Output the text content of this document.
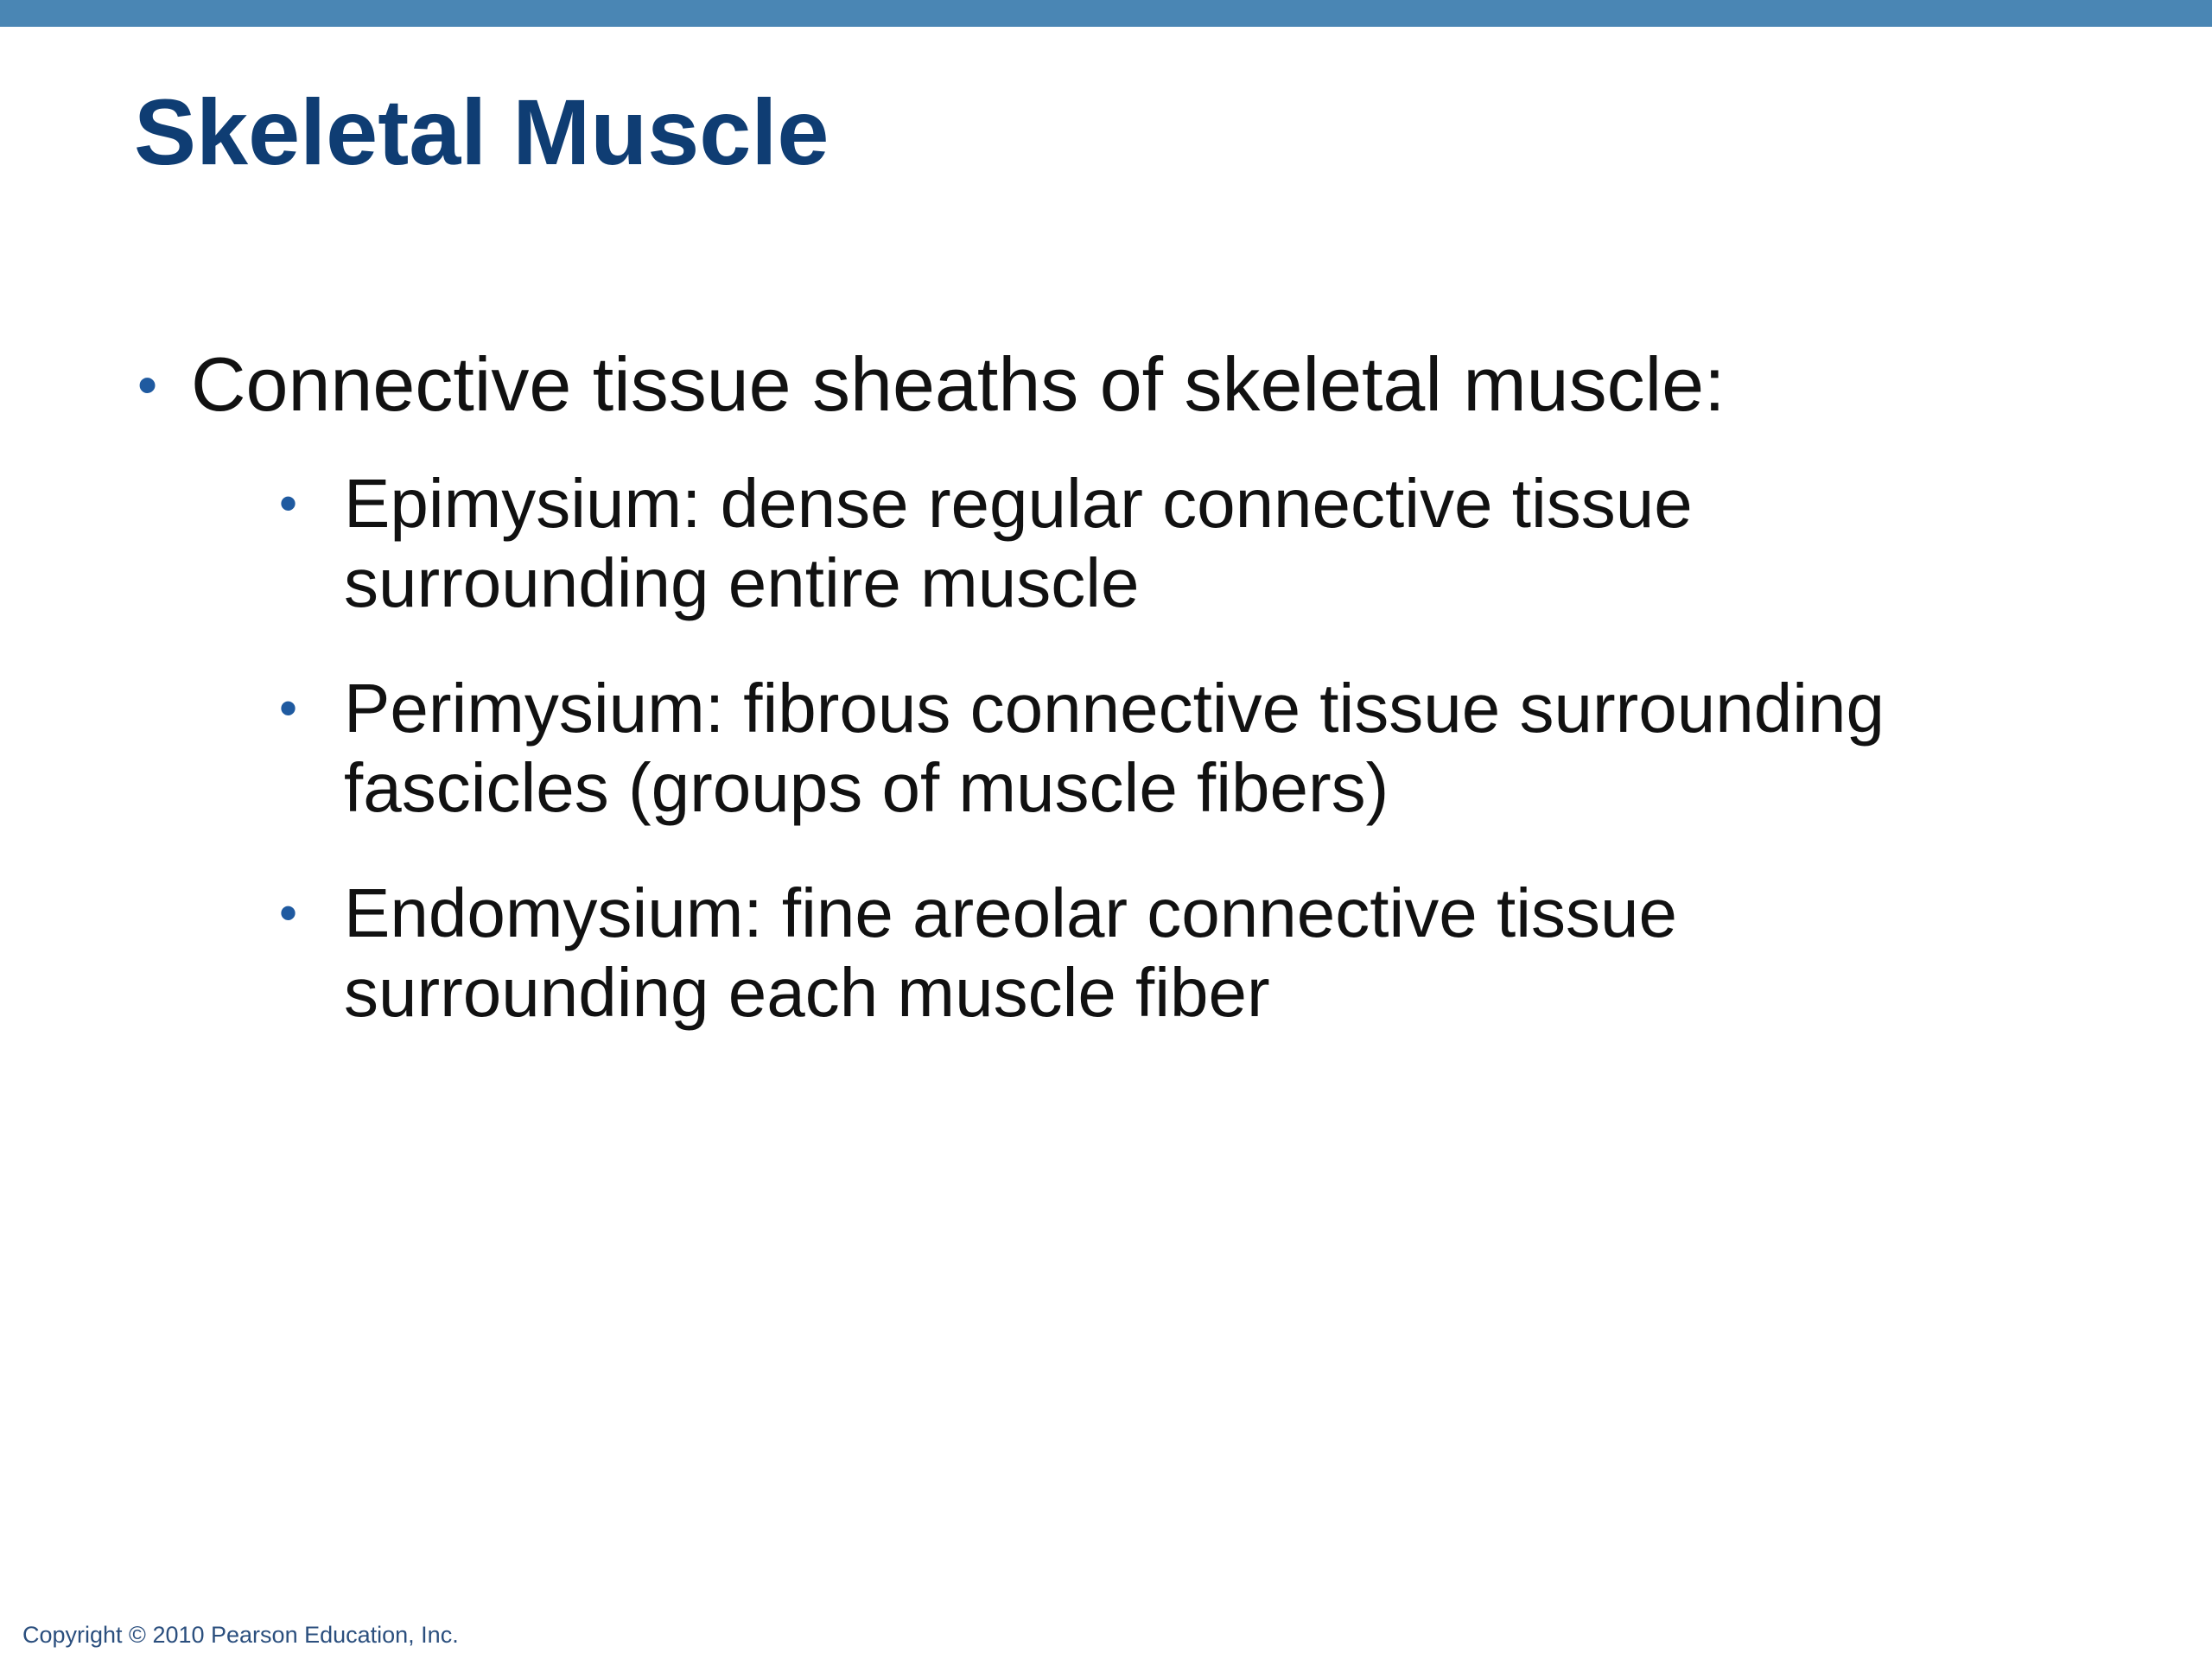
Skeletal Muscle
• Connective tissue sheaths of skeletal muscle:
• Epimysium: dense regular connective tissue
surrounding entire muscle
• Perimysium: fibrous connective tissue surrounding
fascicles (groups of muscle fibers)
• Endomysium: fine areolar connective tissue
surrounding each muscle fiber
Copyright © 2010 Pearson Education, Inc.
